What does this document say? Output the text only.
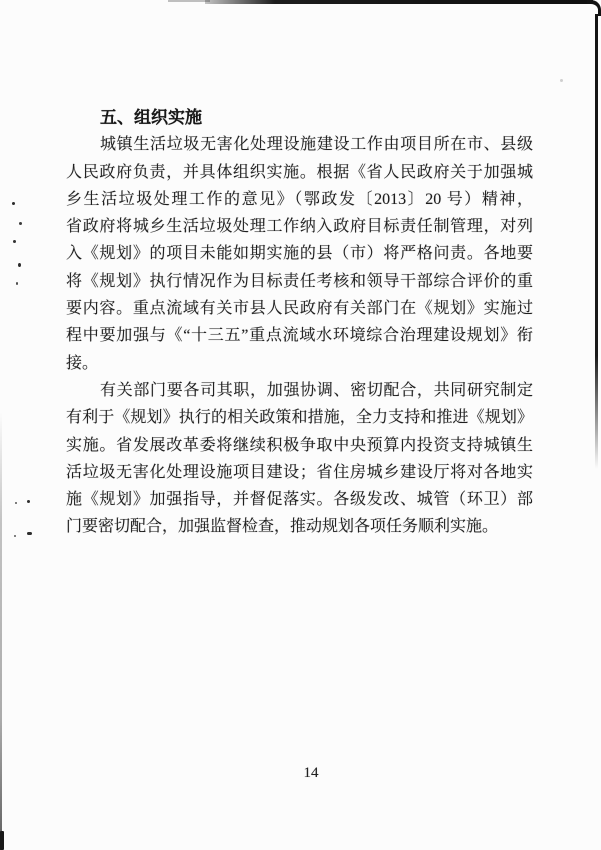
五、组织实施
城镇生活垃圾无害化处理设施建设工作由项目所在市、县级
人民政府负责，并具体组织实施。根据《省人民政府关于加强城
乡生活垃圾处理工作的意见》（鄂政发〔2013〕20 号）精神，
省政府将城乡生活垃圾处理工作纳入政府目标责任制管理，对列
入《规划》的项目未能如期实施的县（市）将严格问责。各地要
将《规划》执行情况作为目标责任考核和领导干部综合评价的重
要内容。重点流域有关市县人民政府有关部门在《规划》实施过
程中要加强与《“十三五”重点流域水环境综合治理建设规划》衔
接。
有关部门要各司其职，加强协调、密切配合，共同研究制定
有利于《规划》执行的相关政策和措施，全力支持和推进《规划》
实施。省发展改革委将继续积极争取中央预算内投资支持城镇生
活垃圾无害化处理设施项目建设；省住房城乡建设厅将对各地实
施《规划》加强指导，并督促落实。各级发改、城管（环卫）部
门要密切配合，加强监督检查，推动规划各项任务顺利实施。
14
